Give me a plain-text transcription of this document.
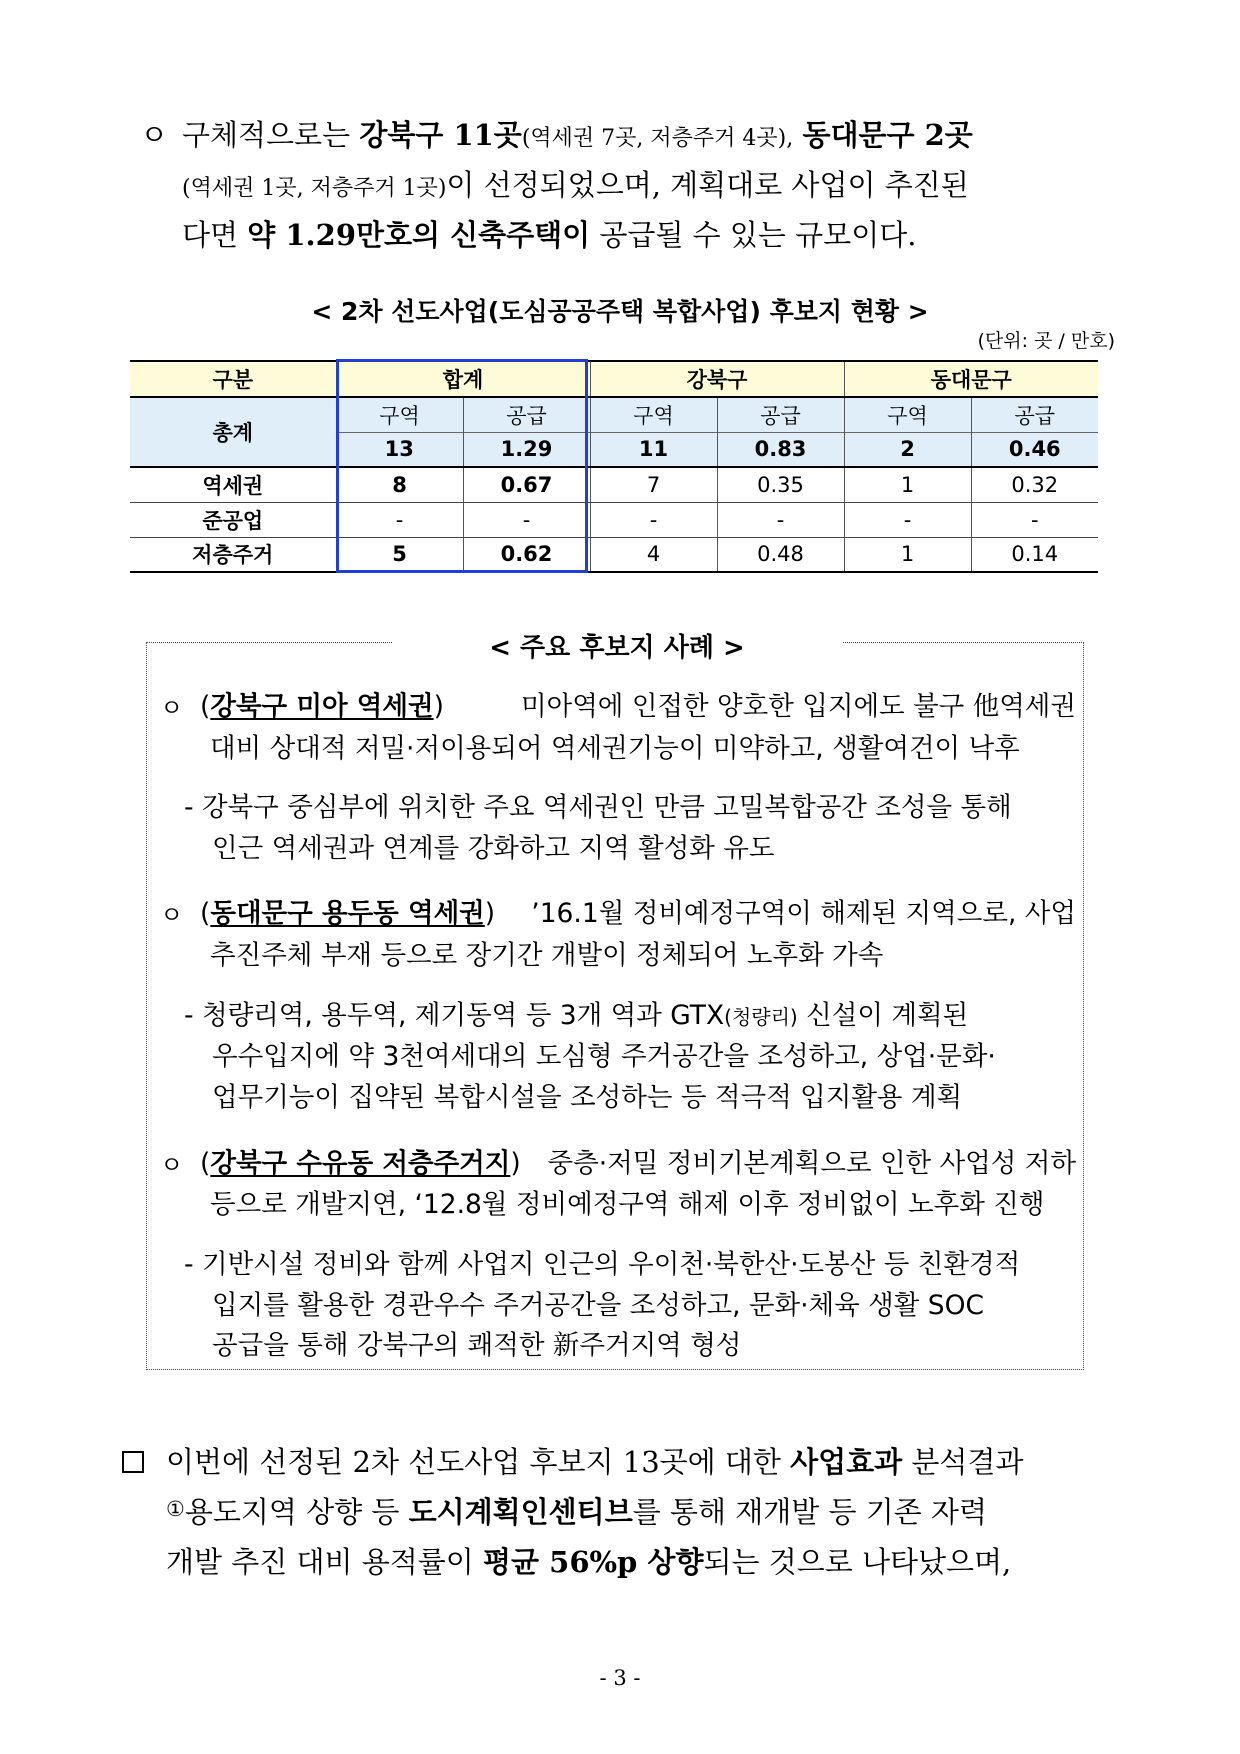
ㅇ 구체적으로는 강북구 11곳(역세권 7곳, 저층주거 4곳), 동대문구 2곳
(역세권 1곳, 저층주거 1곳)이 선정되었으며, 계획대로 사업이 추진된
다면 약 1.29만호의 신축주택이 공급될 수 있는 규모이다.
< 2차 선도사업(도심공공주택 복합사업) 후보지 현황 >
(단위: 곳 / 만호)
구분	합계		강북구		동대문구	
총계	구역	공급	구역	공급	구역	공급
	13	1.29	11	0.83	2	0.46
역세권	8	0.67	7	0.35	1	0.32
준공업	-	-	-	-	-	-
저층주거	5	0.62	4	0.48	1	0.14
< 주요 후보지 사례 >
ㅇ (강북구 미아 역세권)	미아역에 인접한 양호한 입지에도 불구 他역세권
대비 상대적 저밀·저이용되어 역세권기능이 미약하고, 생활여건이 낙후
- 강북구 중심부에 위치한 주요 역세권인 만큼 고밀복합공간 조성을 통해
인근 역세권과 연계를 강화하고 지역 활성화 유도
ㅇ (동대문구 용두동 역세권) ’16.1월 정비예정구역이 해제된 지역으로, 사업
추진주체 부재 등으로 장기간 개발이 정체되어 노후화 가속
- 청량리역, 용두역, 제기동역 등 3개 역과 GTX(청량리) 신설이 계획된
우수입지에 약 3천여세대의 도심형 주거공간을 조성하고, 상업·문화·
업무기능이 집약된 복합시설을 조성하는 등 적극적 입지활용 계획
ㅇ (강북구 수유동 저층주거지) 중층·저밀 정비기본계획으로 인한 사업성 저하
등으로 개발지연, ‘12.8월 정비예정구역 해제 이후 정비없이 노후화 진행
- 기반시설 정비와 함께 사업지 인근의 우이천·북한산·도봉산 등 친환경적
입지를 활용한 경관우수 주거공간을 조성하고, 문화·체육 생활 SOC
공급을 통해 강북구의 쾌적한 新주거지역 형성
이번에 선정된 2차 선도사업 후보지 13곳에 대한 사업효과 분석결과
①용도지역 상향 등 도시계획인센티브를 통해 재개발 등 기존 자력
개발 추진 대비 용적률이 평균 56%p 상향되는 것으로 나타났으며,
- 3 -
